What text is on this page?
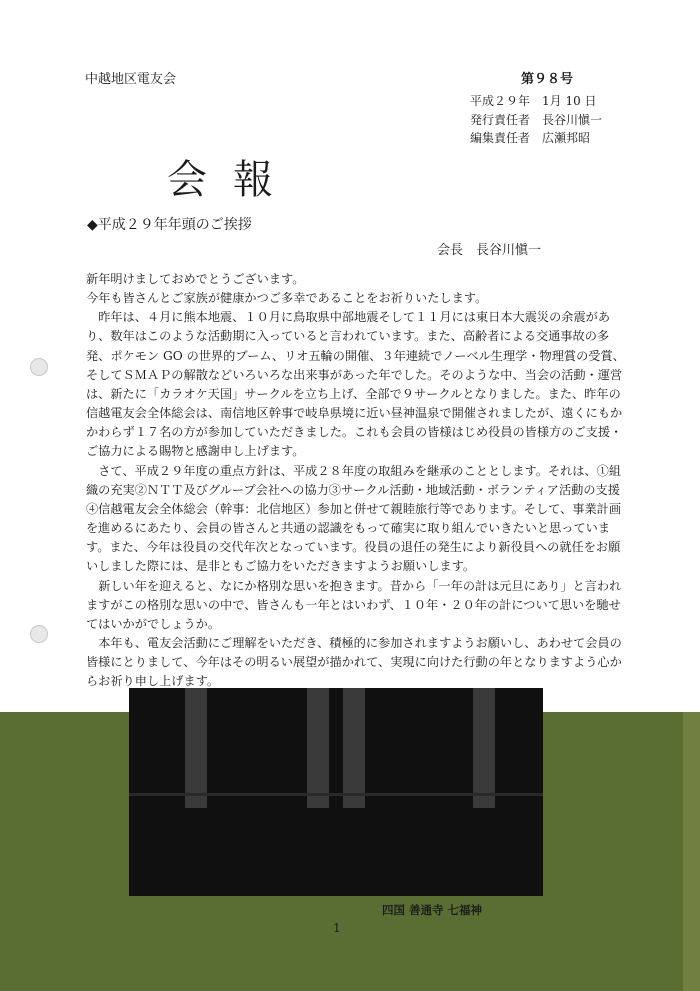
中越地区電友会	第９８号
平成２９年　1月 10 日
発行責任者　長谷川愼一
編集責任者　広瀬邦昭
会報
◆平成２９年年頭のご挨拶
会長　長谷川愼一

新年明けましておめでとうございます。

今年も皆さんとご家族が健康かつご多幸であることをお祈りいたします。

昨年は、４月に熊本地震、１０月に鳥取県中部地震そして１１月には東日本大震災の余震があり、数年はこのような活動期に入っていると言われています。また、高齢者による交通事故の多発、ポケモン GO の世界的ブーム、リオ五輪の開催、３年連続でノーベル生理学・物理賞の受賞、そしてＳＭＡＰの解散などいろいろな出来事があった年でした。そのような中、当会の活動・運営は、新たに「カラオケ天国」サークルを立ち上げ、全部で９サークルとなりました。また、昨年の信越電友会全体総会は、南信地区幹事で岐阜県境に近い昼神温泉で開催されましたが、遠くにもかかわらず１７名の方が参加していただきました。これも会員の皆様はじめ役員の皆様方のご支援・ご協力による賜物と感謝申し上げます。

さて、平成２９年度の重点方針は、平成２８年度の取組みを継承のこととします。それは、①組織の充実②ＮＴＴ及びグループ会社への協力③サークル活動・地域活動・ボランティア活動の支援④信越電友会全体総会（幹事：北信地区）参加と併せて親睦旅行等であります。そして、事業計画を進めるにあたり、会員の皆さんと共通の認識をもって確実に取り組んでいきたいと思っています。また、今年は役員の交代年次となっています。役員の退任の発生により新役員への就任をお願いしました際には、是非ともご協力をいただきますようお願いします。

新しい年を迎えると、なにか格別な思いを抱きます。昔から「一年の計は元旦にあり」と言われますがこの格別な思いの中で、皆さんも一年とはいわず、１０年・２０年の計について思いを馳せてはいかがでしょうか。

本年も、電友会活動にご理解をいただき、積極的に参加されますようお願いし、あわせて会員の皆様にとりまして、今年はその明るい展望が描かれて、実現に向けた行動の年となりますよう心からお祈り申し上げます。

四国 善通寺 七福神
1
